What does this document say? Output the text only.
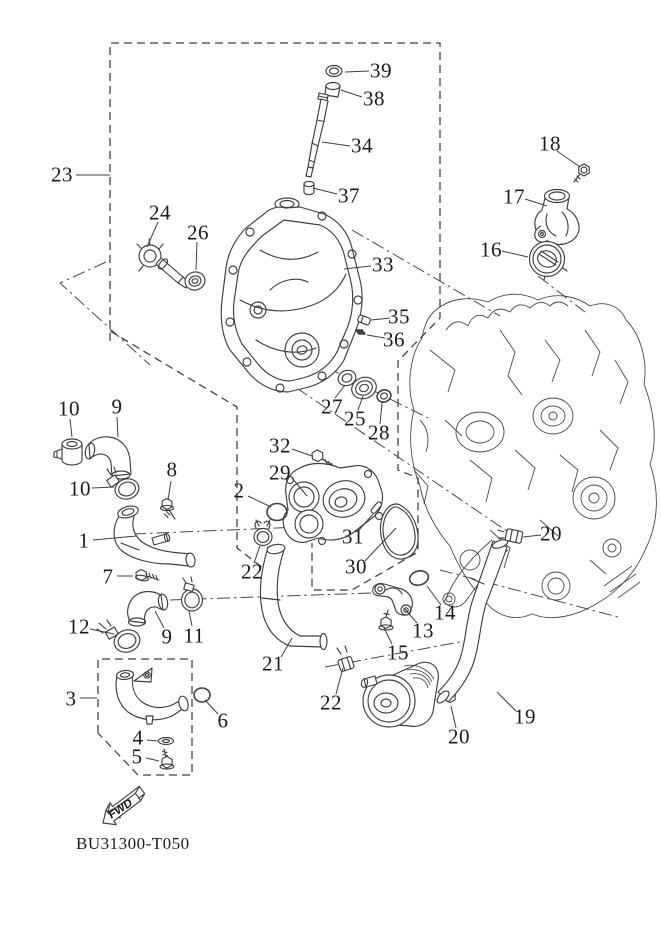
FWD
23
39
38
34
37
18
17
16
24
26
33
35
36
27 25
28
10 9
10
8
2
29
32
1	31
30
7	22
12	9 11
3
14
13
15
21
6
22
4
5
19
20
20
BU31300-T050
